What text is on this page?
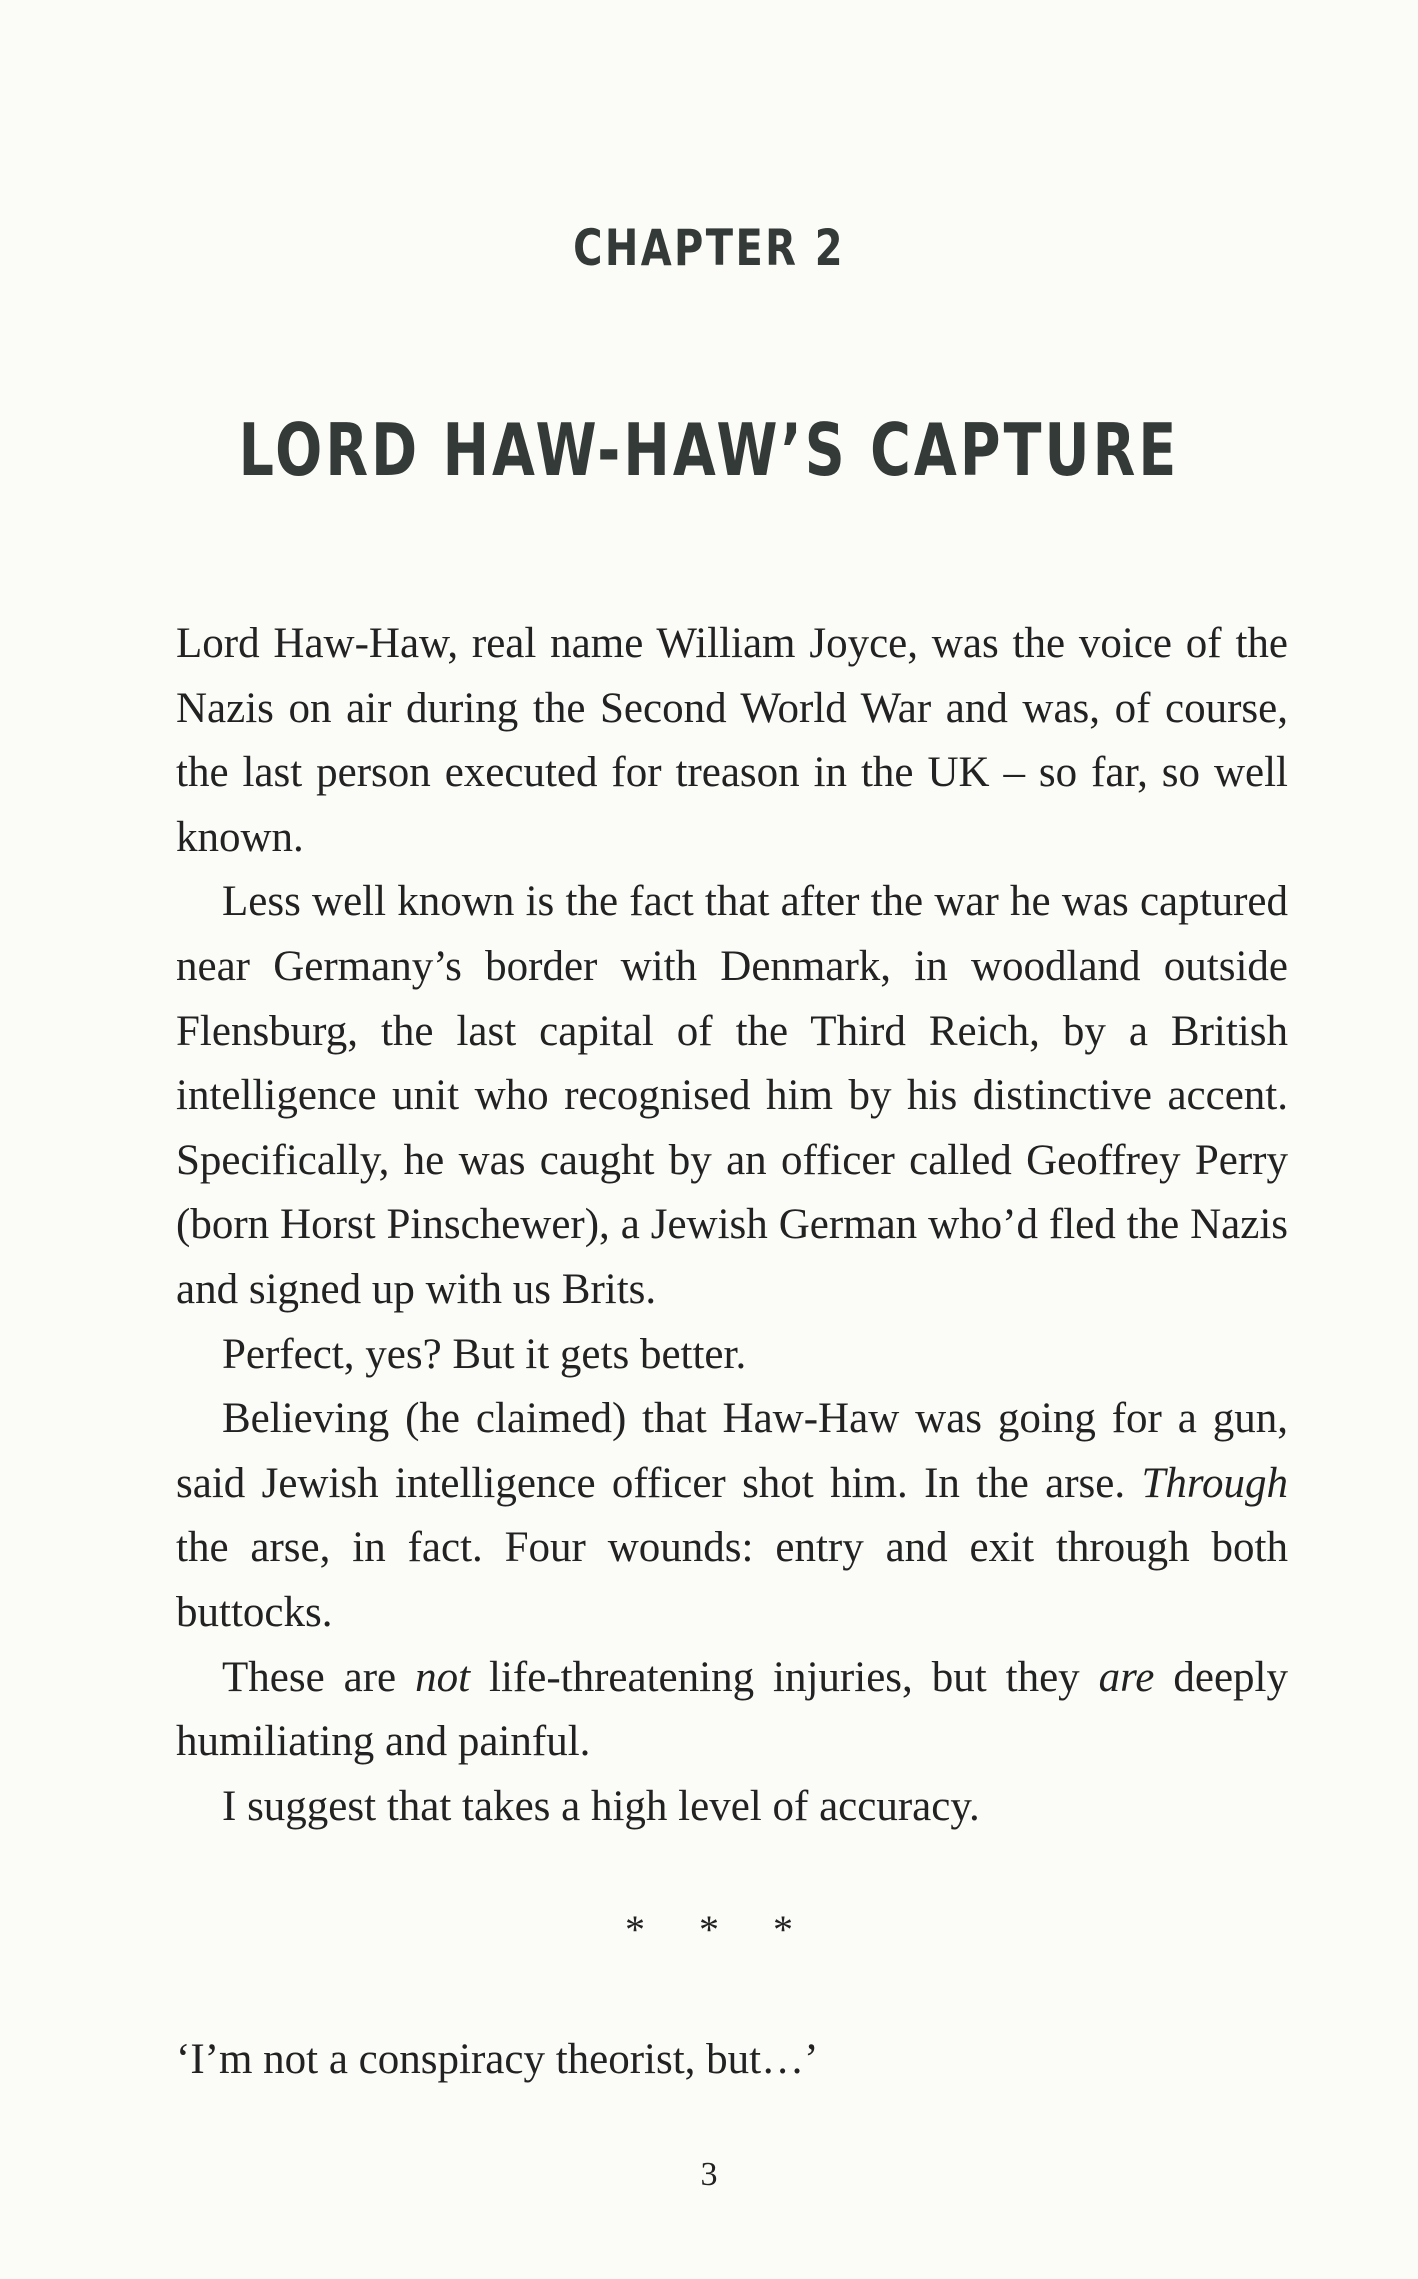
CHAPTER 2
LORD HAW-HAW’S CAPTURE

Lord Haw-Haw, real name William Joyce, was the voice of the Nazis on air during the Second World War and was, of course, the last person executed for treason in the UK – so far, so well known.

Less well known is the fact that after the war he was captured near Germany’s border with Denmark, in woodland outside Flensburg, the last capital of the Third Reich, by a British intelligence unit who recognised him by his distinctive accent. Specifically, he was caught by an officer called Geoffrey Perry (born Horst Pinschewer), a Jewish German who’d fled the Nazis and signed up with us Brits.

Perfect, yes? But it gets better.

Believing (he claimed) that Haw-Haw was going for a gun, said Jewish intelligence officer shot him. In the arse. Through the arse, in fact. Four wounds: entry and exit through both buttocks.

These are not life-threatening injuries, but they are deeply humiliating and painful.

I suggest that takes a high level of accuracy.

* * *

‘I’m not a conspiracy theorist, but…’

3
